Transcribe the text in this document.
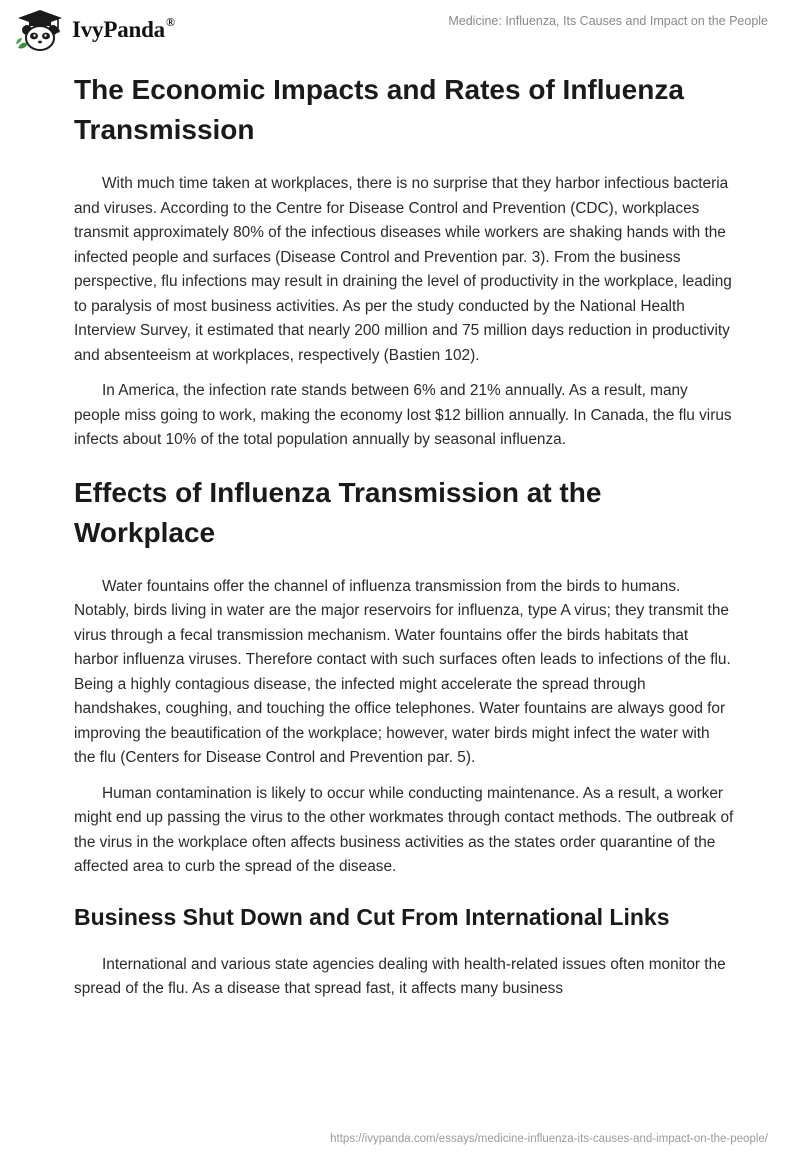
IvyPanda®	Medicine: Influenza, Its Causes and Impact on the People
The Economic Impacts and Rates of Influenza Transmission

With much time taken at workplaces, there is no surprise that they harbor infectious bacteria and viruses. According to the Centre for Disease Control and Prevention (CDC), workplaces transmit approximately 80% of the infectious diseases while workers are shaking hands with the infected people and surfaces (Disease Control and Prevention par. 3). From the business perspective, flu infections may result in draining the level of productivity in the workplace, leading to paralysis of most business activities. As per the study conducted by the National Health Interview Survey, it estimated that nearly 200 million and 75 million days reduction in productivity and absenteeism at workplaces, respectively (Bastien 102).

In America, the infection rate stands between 6% and 21% annually. As a result, many people miss going to work, making the economy lost $12 billion annually. In Canada, the flu virus infects about 10% of the total population annually by seasonal influenza.

Effects of Influenza Transmission at the Workplace

Water fountains offer the channel of influenza transmission from the birds to humans. Notably, birds living in water are the major reservoirs for influenza, type A virus; they transmit the virus through a fecal transmission mechanism. Water fountains offer the birds habitats that harbor influenza viruses. Therefore contact with such surfaces often leads to infections of the flu. Being a highly contagious disease, the infected might accelerate the spread through handshakes, coughing, and touching the office telephones. Water fountains are always good for improving the beautification of the workplace; however, water birds might infect the water with the flu (Centers for Disease Control and Prevention par. 5).

Human contamination is likely to occur while conducting maintenance. As a result, a worker might end up passing the virus to the other workmates through contact methods. The outbreak of the virus in the workplace often affects business activities as the states order quarantine of the affected area to curb the spread of the disease.

Business Shut Down and Cut From International Links

International and various state agencies dealing with health-related issues often monitor the spread of the flu. As a disease that spread fast, it affects many business

https://ivypanda.com/essays/medicine-influenza-its-causes-and-impact-on-the-people/
